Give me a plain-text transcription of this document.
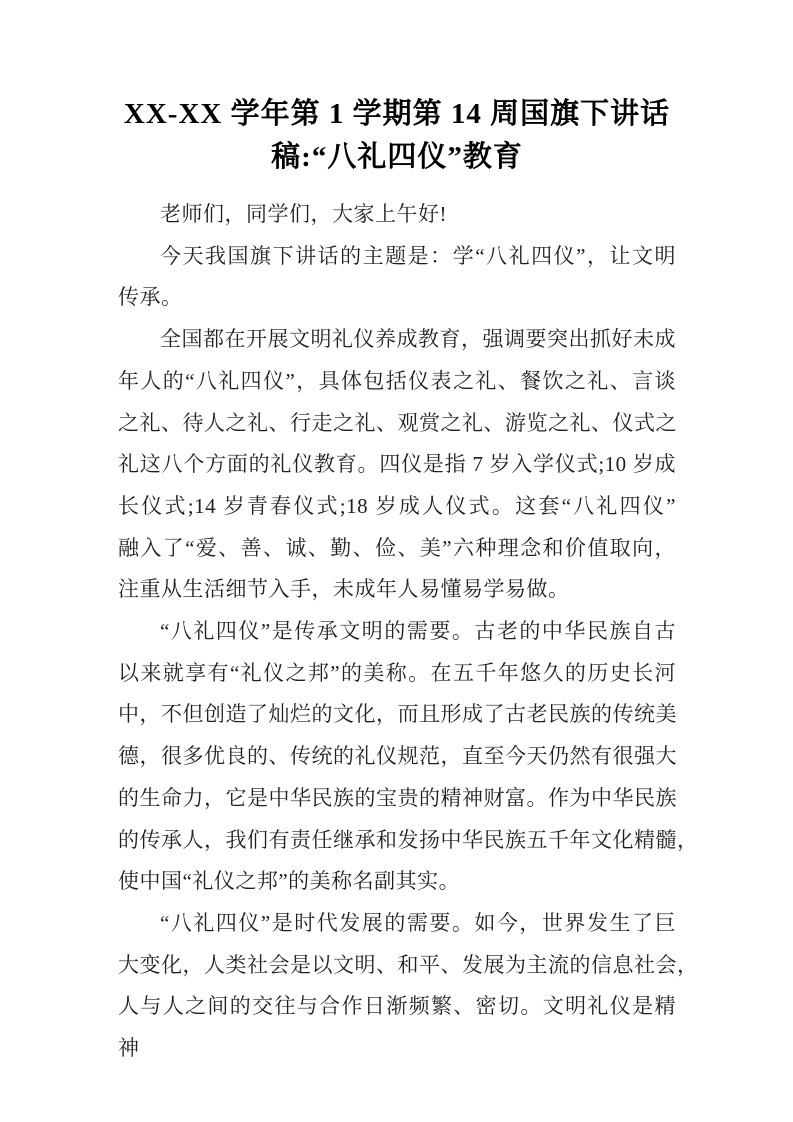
XX-XX 学年第 1 学期第 14 周国旗下讲话
稿:“八礼四仪”教育
老师们，同学们，大家上午好!
今天我国旗下讲话的主题是：学“八礼四仪”，让文明
传承。
全国都在开展文明礼仪养成教育，强调要突出抓好未成
年人的“八礼四仪”，具体包括仪表之礼、餐饮之礼、言谈
之礼、待人之礼、行走之礼、观赏之礼、游览之礼、仪式之
礼这八个方面的礼仪教育。四仪是指 7 岁入学仪式;10 岁成
长仪式;14 岁青春仪式;18 岁成人仪式。这套“八礼四仪”
融入了“爱、善、诚、勤、俭、美”六种理念和价值取向，
注重从生活细节入手，未成年人易懂易学易做。
“八礼四仪”是传承文明的需要。古老的中华民族自古
以来就享有“礼仪之邦”的美称。在五千年悠久的历史长河
中，不但创造了灿烂的文化，而且形成了古老民族的传统美
德，很多优良的、传统的礼仪规范，直至今天仍然有很强大
的生命力，它是中华民族的宝贵的精神财富。作为中华民族
的传承人，我们有责任继承和发扬中华民族五千年文化精髓，
使中国“礼仪之邦”的美称名副其实。
“八礼四仪”是时代发展的需要。如今，世界发生了巨
大变化，人类社会是以文明、和平、发展为主流的信息社会，
人与人之间的交往与合作日渐频繁、密切。文明礼仪是精神
